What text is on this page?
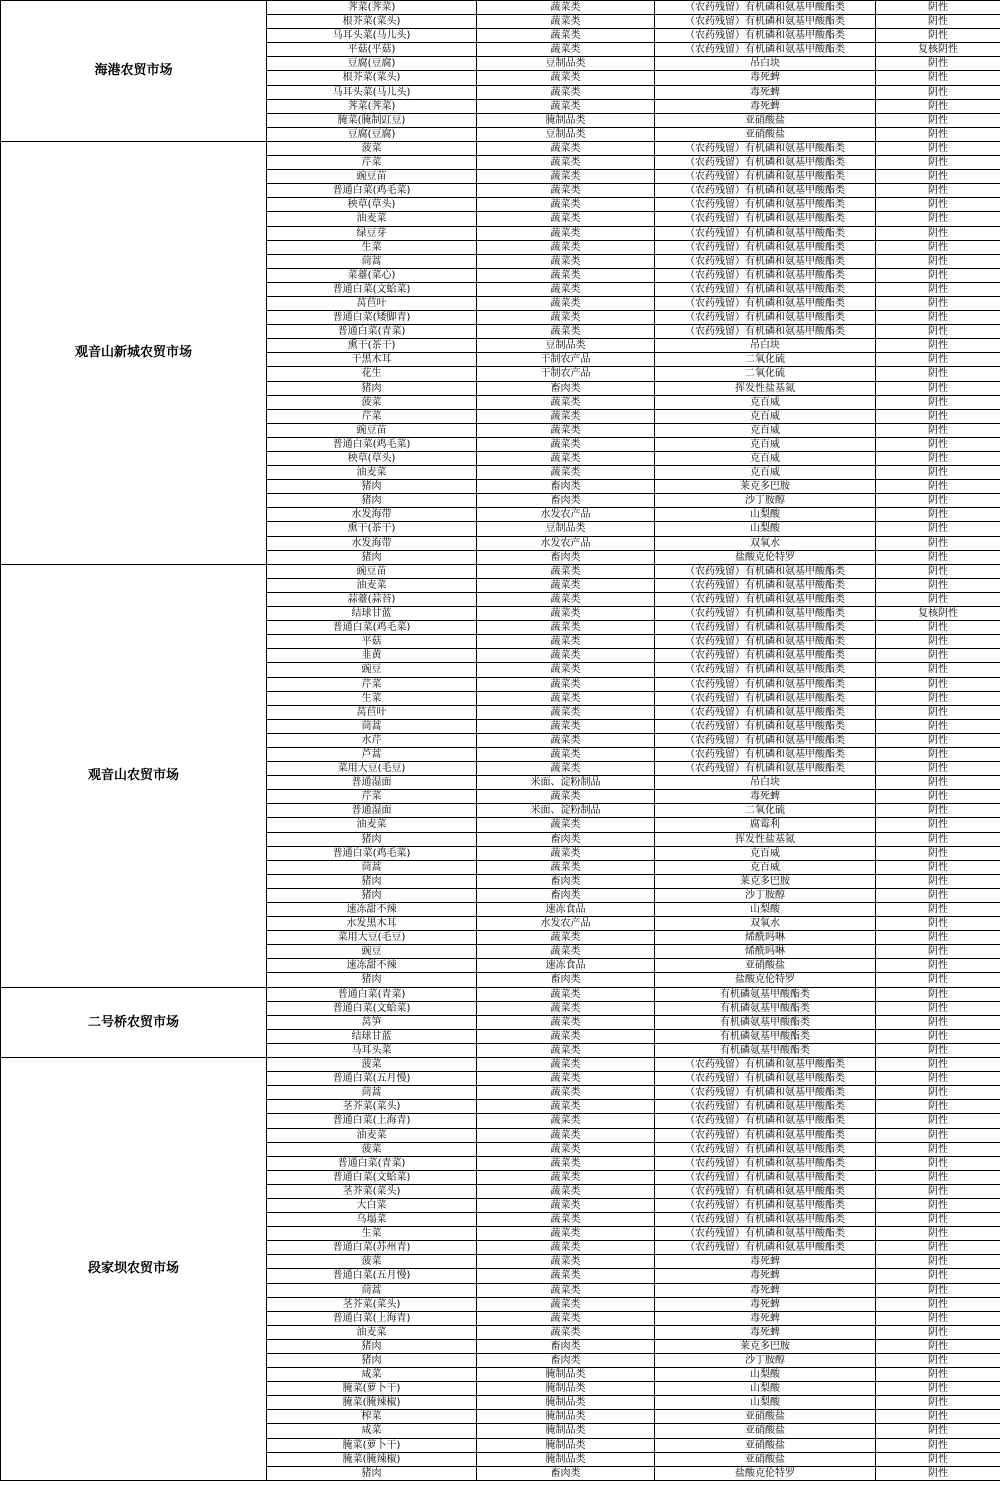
海港农贸市场	荠菜(荠菜)	蔬菜类	（农药残留）有机磷和氨基甲酸酯类	阴性
	根芥菜(菜头)	蔬菜类	（农药残留）有机磷和氨基甲酸酯类	阴性
	马耳头菜(马儿头)	蔬菜类	（农药残留）有机磷和氨基甲酸酯类	阴性
	平菇(平菇)	蔬菜类	（农药残留）有机磷和氨基甲酸酯类	复核阴性
	豆腐(豆腐)	豆制品类	吊白块	阴性
	根芥菜(菜头)	蔬菜类	毒死蜱	阴性
	马耳头菜(马儿头)	蔬菜类	毒死蜱	阴性
	荠菜(荠菜)	蔬菜类	毒死蜱	阴性
	腌菜(腌制豇豆)	腌制品类	亚硝酸盐	阴性
	豆腐(豆腐)	豆制品类	亚硝酸盐	阴性
观音山新城农贸市场	菠菜	蔬菜类	（农药残留）有机磷和氨基甲酸酯类	阴性
	芹菜	蔬菜类	（农药残留）有机磷和氨基甲酸酯类	阴性
	豌豆苗	蔬菜类	（农药残留）有机磷和氨基甲酸酯类	阴性
	普通白菜(鸡毛菜)	蔬菜类	（农药残留）有机磷和氨基甲酸酯类	阴性
	秧草(草头)	蔬菜类	（农药残留）有机磷和氨基甲酸酯类	阴性
	油麦菜	蔬菜类	（农药残留）有机磷和氨基甲酸酯类	阴性
	绿豆芽	蔬菜类	（农药残留）有机磷和氨基甲酸酯类	阴性
	生菜	蔬菜类	（农药残留）有机磷和氨基甲酸酯类	阴性
	茼蒿	蔬菜类	（农药残留）有机磷和氨基甲酸酯类	阴性
	菜薹(菜心)	蔬菜类	（农药残留）有机磷和氨基甲酸酯类	阴性
	普通白菜(文蛤菜)	蔬菜类	（农药残留）有机磷和氨基甲酸酯类	阴性
	莴苣叶	蔬菜类	（农药残留）有机磷和氨基甲酸酯类	阴性
	普通白菜(矮脚青)	蔬菜类	（农药残留）有机磷和氨基甲酸酯类	阴性
	普通白菜(青菜)	蔬菜类	（农药残留）有机磷和氨基甲酸酯类	阴性
	熏干(茶干)	豆制品类	吊白块	阴性
	干黑木耳	干制农产品	二氧化硫	阴性
	花生	干制农产品	二氧化硫	阴性
	猪肉	畜肉类	挥发性盐基氮	阴性
	菠菜	蔬菜类	克百威	阴性
	芹菜	蔬菜类	克百威	阴性
	豌豆苗	蔬菜类	克百威	阴性
	普通白菜(鸡毛菜)	蔬菜类	克百威	阴性
	秧草(草头)	蔬菜类	克百威	阴性
	油麦菜	蔬菜类	克百威	阴性
	猪肉	畜肉类	莱克多巴胺	阴性
	猪肉	畜肉类	沙丁胺醇	阴性
	水发海带	水发农产品	山梨酸	阴性
	熏干(茶干)	豆制品类	山梨酸	阴性
	水发海带	水发农产品	双氧水	阴性
	猪肉	畜肉类	盐酸克伦特罗	阴性
观音山农贸市场	豌豆苗	蔬菜类	（农药残留）有机磷和氨基甲酸酯类	阴性
	油麦菜	蔬菜类	（农药残留）有机磷和氨基甲酸酯类	阴性
	蒜薹(蒜苔)	蔬菜类	（农药残留）有机磷和氨基甲酸酯类	阴性
	结球甘蓝	蔬菜类	（农药残留）有机磷和氨基甲酸酯类	复核阴性
	普通白菜(鸡毛菜)	蔬菜类	（农药残留）有机磷和氨基甲酸酯类	阴性
	平菇	蔬菜类	（农药残留）有机磷和氨基甲酸酯类	阴性
	韭黄	蔬菜类	（农药残留）有机磷和氨基甲酸酯类	阴性
	豌豆	蔬菜类	（农药残留）有机磷和氨基甲酸酯类	阴性
	芹菜	蔬菜类	（农药残留）有机磷和氨基甲酸酯类	阴性
	生菜	蔬菜类	（农药残留）有机磷和氨基甲酸酯类	阴性
	莴苣叶	蔬菜类	（农药残留）有机磷和氨基甲酸酯类	阴性
	茼蒿	蔬菜类	（农药残留）有机磷和氨基甲酸酯类	阴性
	水芹	蔬菜类	（农药残留）有机磷和氨基甲酸酯类	阴性
	芦蒿	蔬菜类	（农药残留）有机磷和氨基甲酸酯类	阴性
	菜用大豆(毛豆)	蔬菜类	（农药残留）有机磷和氨基甲酸酯类	阴性
	普通湿面	米面、淀粉制品	吊白块	阴性
	芹菜	蔬菜类	毒死蜱	阴性
	普通湿面	米面、淀粉制品	二氧化硫	阴性
	油麦菜	蔬菜类	腐霉利	阴性
	猪肉	畜肉类	挥发性盐基氮	阴性
	普通白菜(鸡毛菜)	蔬菜类	克百威	阴性
	茼蒿	蔬菜类	克百威	阴性
	猪肉	畜肉类	莱克多巴胺	阴性
	猪肉	畜肉类	沙丁胺醇	阴性
	速冻甜不辣	速冻食品	山梨酸	阴性
	水发黑木耳	水发农产品	双氧水	阴性
	菜用大豆(毛豆)	蔬菜类	烯酰吗啉	阴性
	豌豆	蔬菜类	烯酰吗啉	阴性
	速冻甜不辣	速冻食品	亚硝酸盐	阴性
	猪肉	畜肉类	盐酸克伦特罗	阴性
二号桥农贸市场	普通白菜(青菜)	蔬菜类	有机磷氨基甲酸酯类	阴性
	普通白菜(文蛤菜)	蔬菜类	有机磷氨基甲酸酯类	阴性
	莴笋	蔬菜类	有机磷氨基甲酸酯类	阴性
	结球甘蓝	蔬菜类	有机磷氨基甲酸酯类	阴性
	马耳头菜	蔬菜类	有机磷氨基甲酸酯类	阴性
段家坝农贸市场	菠菜	蔬菜类	（农药残留）有机磷和氨基甲酸酯类	阴性
	普通白菜(五月慢)	蔬菜类	（农药残留）有机磷和氨基甲酸酯类	阴性
	茼蒿	蔬菜类	（农药残留）有机磷和氨基甲酸酯类	阴性
	茎芥菜(菜头)	蔬菜类	（农药残留）有机磷和氨基甲酸酯类	阴性
	普通白菜(上海青)	蔬菜类	（农药残留）有机磷和氨基甲酸酯类	阴性
	油麦菜	蔬菜类	（农药残留）有机磷和氨基甲酸酯类	阴性
	菠菜	蔬菜类	（农药残留）有机磷和氨基甲酸酯类	阴性
	普通白菜(青菜)	蔬菜类	（农药残留）有机磷和氨基甲酸酯类	阴性
	普通白菜(文蛤菜)	蔬菜类	（农药残留）有机磷和氨基甲酸酯类	阴性
	茎芥菜(菜头)	蔬菜类	（农药残留）有机磷和氨基甲酸酯类	阴性
	大白菜	蔬菜类	（农药残留）有机磷和氨基甲酸酯类	阴性
	乌塌菜	蔬菜类	（农药残留）有机磷和氨基甲酸酯类	阴性
	生菜	蔬菜类	（农药残留）有机磷和氨基甲酸酯类	阴性
	普通白菜(苏州青)	蔬菜类	（农药残留）有机磷和氨基甲酸酯类	阴性
	菠菜	蔬菜类	毒死蜱	阴性
	普通白菜(五月慢)	蔬菜类	毒死蜱	阴性
	茼蒿	蔬菜类	毒死蜱	阴性
	茎芥菜(菜头)	蔬菜类	毒死蜱	阴性
	普通白菜(上海青)	蔬菜类	毒死蜱	阴性
	油麦菜	蔬菜类	毒死蜱	阴性
	猪肉	畜肉类	莱克多巴胺	阴性
	猪肉	畜肉类	沙丁胺醇	阴性
	咸菜	腌制品类	山梨酸	阴性
	腌菜(萝卜干)	腌制品类	山梨酸	阴性
	腌菜(腌辣椒)	腌制品类	山梨酸	阴性
	榨菜	腌制品类	亚硝酸盐	阴性
	咸菜	腌制品类	亚硝酸盐	阴性
	腌菜(萝卜干)	腌制品类	亚硝酸盐	阴性
	腌菜(腌辣椒)	腌制品类	亚硝酸盐	阴性
	猪肉	畜肉类	盐酸克伦特罗	阴性
